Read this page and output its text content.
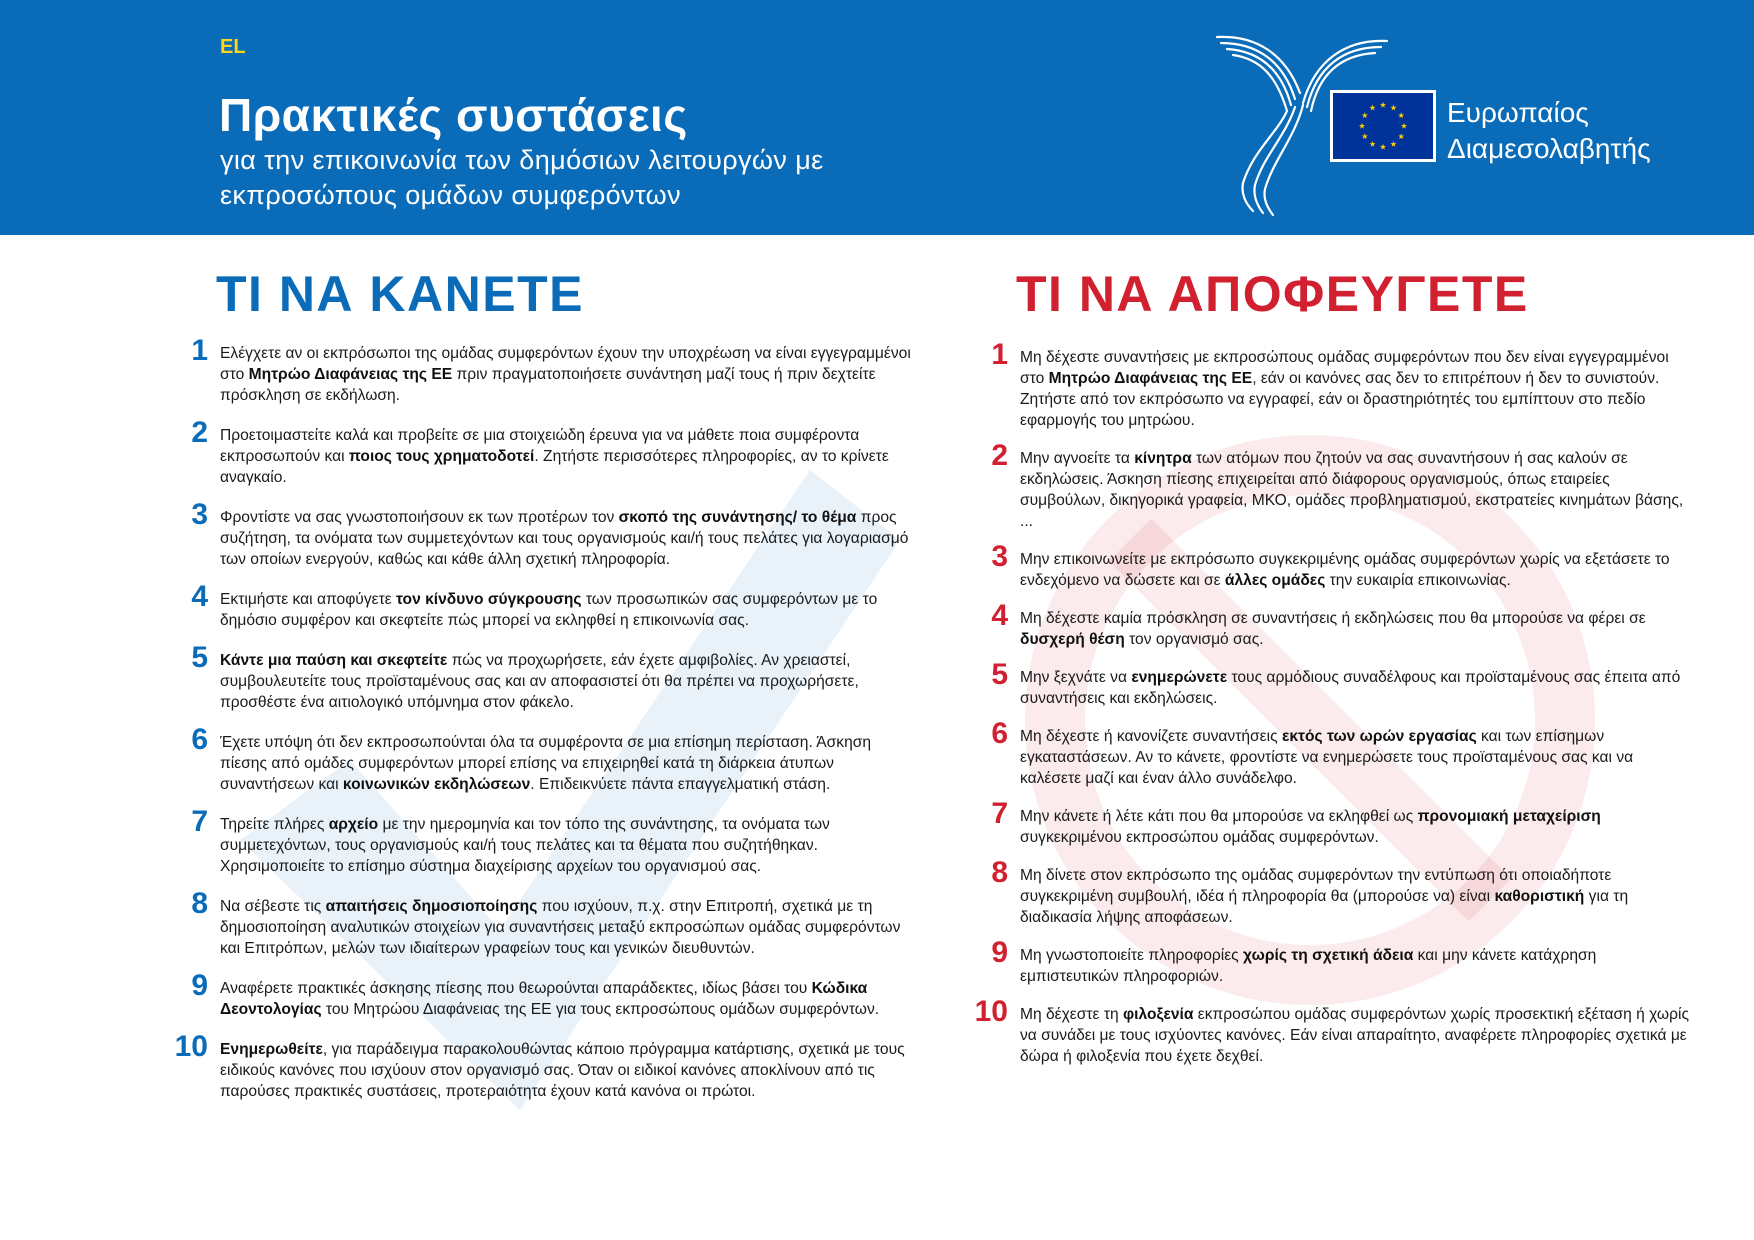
EL
Πρακτικές συστάσεις
για την επικοινωνία των δημόσιων λειτουργών με εκπροσώπους ομάδων συμφερόντων
Ευρωπαίος
Διαμεσολαβητής
ΤΙ ΝΑ ΚΑΝΕΤΕ	ΤΙ ΝΑ ΑΠΟΦΕΥΓΕΤΕ
1 Ελέγχετε αν οι εκπρόσωποι της ομάδας συμφερόντων έχουν την υποχρέωση να είναι εγγεγραμμένοι στο Μητρώο Διαφάνειας της ΕΕ πριν πραγματοποιήσετε συνάντηση μαζί τους ή πριν δεχτείτε πρόσκληση σε εκδήλωση.
2 Προετοιμαστείτε καλά και προβείτε σε μια στοιχειώδη έρευνα για να μάθετε ποια συμφέροντα εκπροσωπούν και ποιος τους χρηματοδοτεί. Ζητήστε περισσότερες πληροφορίες, αν το κρίνετε αναγκαίο.
3 Φροντίστε να σας γνωστοποιήσουν εκ των προτέρων τον σκοπό της συνάντησης/ το θέμα προς συζήτηση, τα ονόματα των συμμετεχόντων και τους οργανισμούς και/ή τους πελάτες για λογαριασμό των οποίων ενεργούν, καθώς και κάθε άλλη σχετική πληροφορία.
4 Εκτιμήστε και αποφύγετε τον κίνδυνο σύγκρουσης των προσωπικών σας συμφερόντων με το δημόσιο συμφέρον και σκεφτείτε πώς μπορεί να εκληφθεί η επικοινωνία σας.
5 Κάντε μια παύση και σκεφτείτε πώς να προχωρήσετε, εάν έχετε αμφιβολίες. Αν χρειαστεί, συμβουλευτείτε τους προϊσταμένους σας και αν αποφασιστεί ότι θα πρέπει να προχωρήσετε, προσθέστε ένα αιτιολογικό υπόμνημα στον φάκελο.
6 Έχετε υπόψη ότι δεν εκπροσωπούνται όλα τα συμφέροντα σε μια επίσημη περίσταση. Άσκηση πίεσης από ομάδες συμφερόντων μπορεί επίσης να επιχειρηθεί κατά τη διάρκεια άτυπων συναντήσεων και κοινωνικών εκδηλώσεων. Επιδεικνύετε πάντα επαγγελματική στάση.
7 Τηρείτε πλήρες αρχείο με την ημερομηνία και τον τόπο της συνάντησης, τα ονόματα των συμμετεχόντων, τους οργανισμούς και/ή τους πελάτες και τα θέματα που συζητήθηκαν. Χρησιμοποιείτε το επίσημο σύστημα διαχείρισης αρχείων του οργανισμού σας.
8 Να σέβεστε τις απαιτήσεις δημοσιοποίησης που ισχύουν, π.χ. στην Επιτροπή, σχετικά με τη δημοσιοποίηση αναλυτικών στοιχείων για συναντήσεις μεταξύ εκπροσώπων ομάδας συμφερόντων και Επιτρόπων, μελών των ιδιαίτερων γραφείων τους και γενικών διευθυντών.
9 Αναφέρετε πρακτικές άσκησης πίεσης που θεωρούνται απαράδεκτες, ιδίως βάσει του Κώδικα Δεοντολογίας του Μητρώου Διαφάνειας της ΕΕ για τους εκπροσώπους ομάδων συμφερόντων.
10 Ενημερωθείτε, για παράδειγμα παρακολουθώντας κάποιο πρόγραμμα κατάρτισης, σχετικά με τους ειδικούς κανόνες που ισχύουν στον οργανισμό σας. Όταν οι ειδικοί κανόνες αποκλίνουν από τις παρούσες πρακτικές συστάσεις, προτεραιότητα έχουν κατά κανόνα οι πρώτοι.
1 Μη δέχεστε συναντήσεις με εκπροσώπους ομάδας συμφερόντων που δεν είναι εγγεγραμμένοι στο Μητρώο Διαφάνειας της ΕΕ, εάν οι κανόνες σας δεν το επιτρέπουν ή δεν το συνιστούν. Ζητήστε από τον εκπρόσωπο να εγγραφεί, εάν οι δραστηριότητές του εμπίπτουν στο πεδίο εφαρμογής του μητρώου.
2 Μην αγνοείτε τα κίνητρα των ατόμων που ζητούν να σας συναντήσουν ή σας καλούν σε εκδηλώσεις. Άσκηση πίεσης επιχειρείται από διάφορους οργανισμούς, όπως εταιρείες συμβούλων, δικηγορικά γραφεία, ΜΚΟ, ομάδες προβληματισμού, εκστρατείες κινημάτων βάσης, ...
3 Μην επικοινωνείτε με εκπρόσωπο συγκεκριμένης ομάδας συμφερόντων χωρίς να εξετάσετε το ενδεχόμενο να δώσετε και σε άλλες ομάδες την ευκαιρία επικοινωνίας.
4 Μη δέχεστε καμία πρόσκληση σε συναντήσεις ή εκδηλώσεις που θα μπορούσε να φέρει σε δυσχερή θέση τον οργανισμό σας.
5 Μην ξεχνάτε να ενημερώνετε τους αρμόδιους συναδέλφους και προϊσταμένους σας έπειτα από συναντήσεις και εκδηλώσεις.
6 Μη δέχεστε ή κανονίζετε συναντήσεις εκτός των ωρών εργασίας και των επίσημων εγκαταστάσεων. Αν το κάνετε, φροντίστε να ενημερώσετε τους προϊσταμένους σας και να καλέσετε μαζί και έναν άλλο συνάδελφο.
7 Μην κάνετε ή λέτε κάτι που θα μπορούσε να εκληφθεί ως προνομιακή μεταχείριση συγκεκριμένου εκπροσώπου ομάδας συμφερόντων.
8 Μη δίνετε στον εκπρόσωπο της ομάδας συμφερόντων την εντύπωση ότι οποιαδήποτε συγκεκριμένη συμβουλή, ιδέα ή πληροφορία θα (μπορούσε να) είναι καθοριστική για τη διαδικασία λήψης αποφάσεων.
9 Μη γνωστοποιείτε πληροφορίες χωρίς τη σχετική άδεια και μην κάνετε κατάχρηση εμπιστευτικών πληροφοριών.
10 Μη δέχεστε τη φιλοξενία εκπροσώπου ομάδας συμφερόντων χωρίς προσεκτική εξέταση ή χωρίς να συνάδει με τους ισχύοντες κανόνες. Εάν είναι απαραίτητο, αναφέρετε πληροφορίες σχετικά με δώρα ή φιλοξενία που έχετε δεχθεί.
